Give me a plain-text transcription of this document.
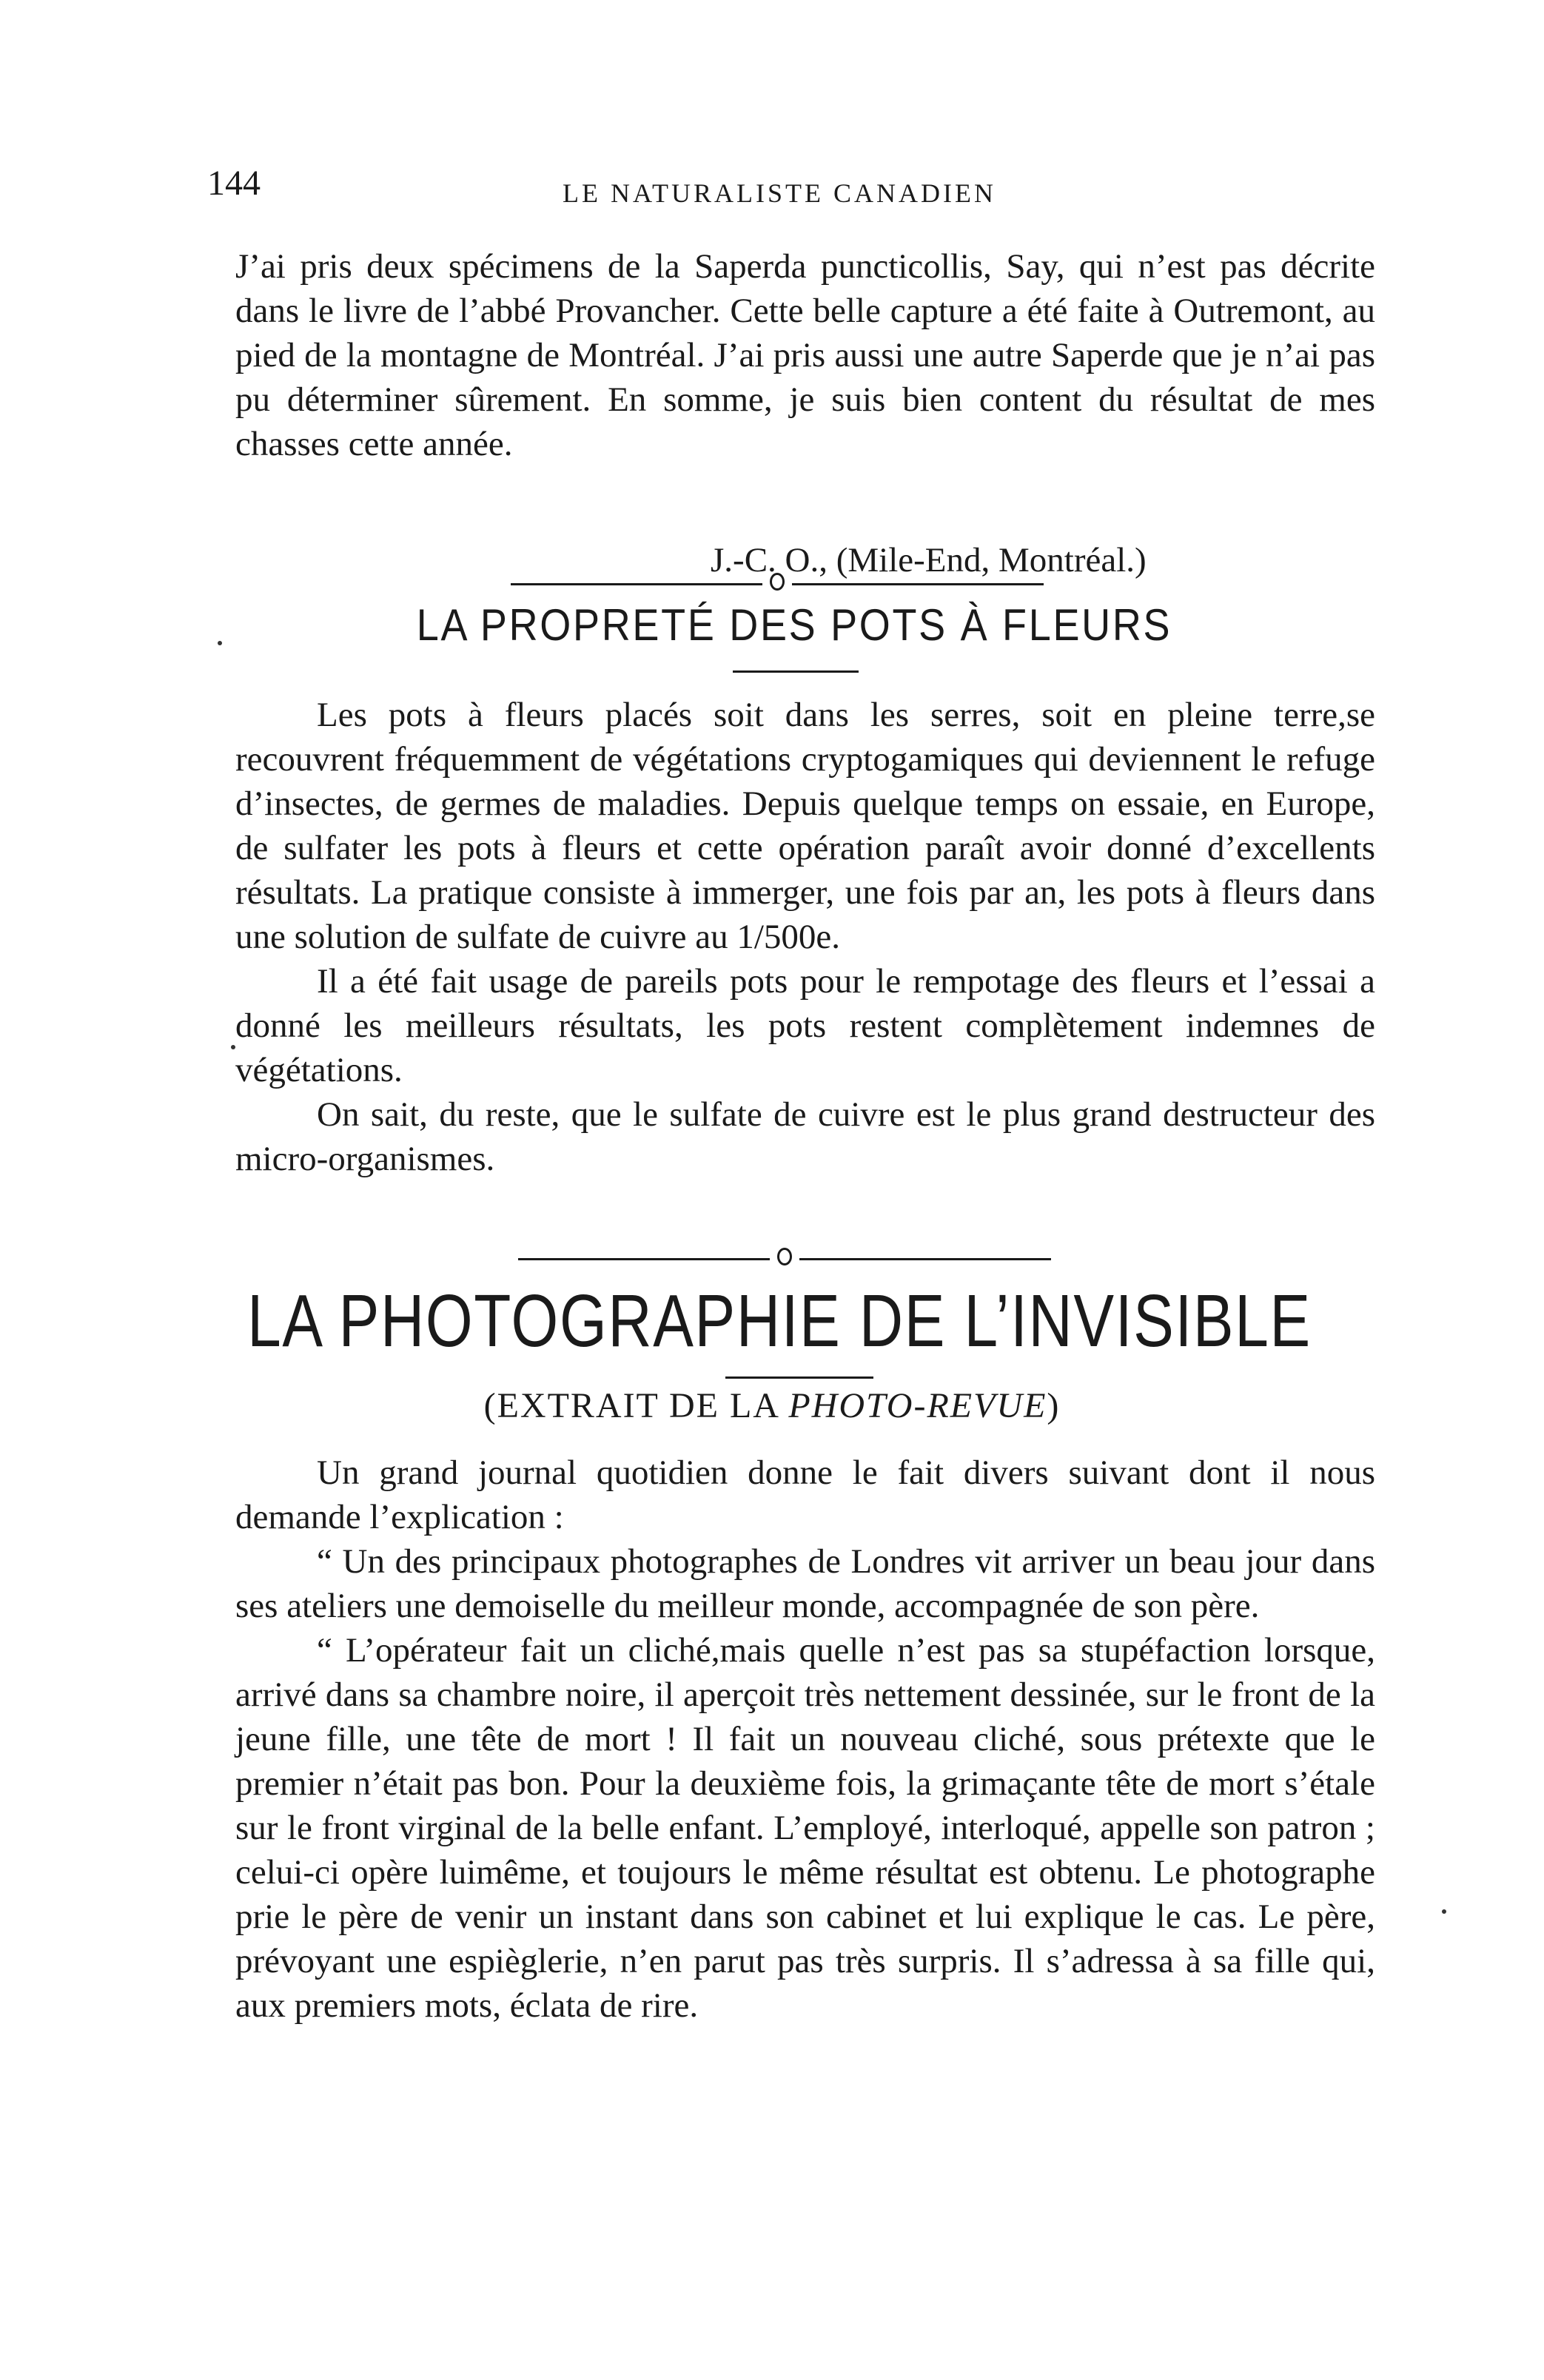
144	LE NATURALISTE CANADIEN

J’ai pris deux spécimens de la Saperda puncticollis, Say, qui n’est pas décrite dans le livre de l’abbé Provancher. Cette belle capture a été faite à Outremont, au pied de la montagne de Montréal. J’ai pris aussi une autre Saperde que je n’ai pas pu déterminer sûrement. En somme, je suis bien content du résultat de mes chasses cette année.

J.-C. O., (Mile-End, Montréal.)
LA PROPRETÉ DES POTS À FLEURS

Les pots à fleurs placés soit dans les serres, soit en pleine terre,se recouvrent fréquemment de végétations cryptogamiques qui deviennent le refuge d’insectes, de germes de maladies. Depuis quelque temps on essaie, en Europe, de sulfater les pots à fleurs et cette opération paraît avoir donné d’excellents résultats. La pratique consiste à immerger, une fois par an, les pots à fleurs dans une solution de sulfate de cuivre au 1/500e.

Il a été fait usage de pareils pots pour le rempotage des fleurs et l’essai a donné les meilleurs résultats, les pots restent complètement indemnes de végétations.

On sait, du reste, que le sulfate de cuivre est le plus grand destructeur des micro-organismes.

LA PHOTOGRAPHIE DE L’INVISIBLE
(EXTRAIT DE LA PHOTO-REVUE)

Un grand journal quotidien donne le fait divers suivant dont il nous demande l’explication :

“ Un des principaux photographes de Londres vit arriver un beau jour dans ses ateliers une demoiselle du meilleur monde, accompagnée de son père.

“ L’opérateur fait un cliché,mais quelle n’est pas sa stupéfaction lorsque, arrivé dans sa chambre noire, il aperçoit très nettement dessinée, sur le front de la jeune fille, une tête de mort ! Il fait un nouveau cliché, sous prétexte que le premier n’était pas bon. Pour la deuxième fois, la grimaçante tête de mort s’étale sur le front virginal de la belle enfant. L’employé, interloqué, appelle son patron ; celui-ci opère luimême, et toujours le même résultat est obtenu. Le photographe prie le père de venir un instant dans son cabinet et lui explique le cas. Le père, prévoyant une espièglerie, n’en parut pas très surpris. Il s’adressa à sa fille qui, aux premiers mots, éclata de rire.
